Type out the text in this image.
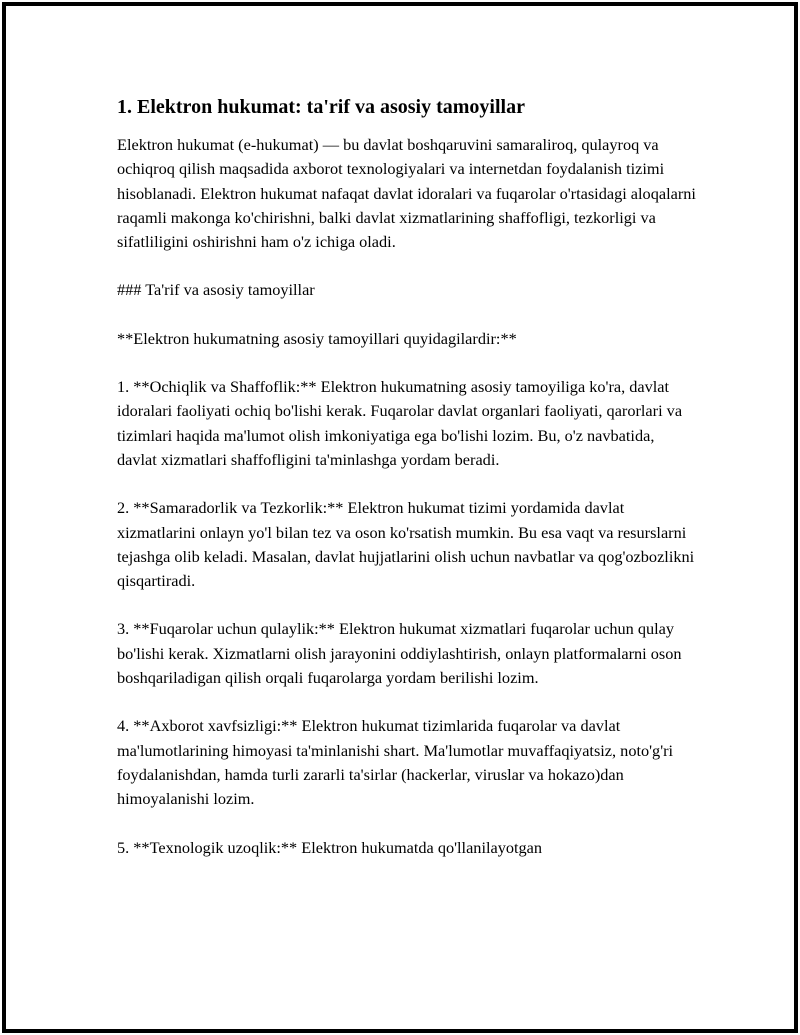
1. Elektron hukumat: ta'rif va asosiy tamoyillar

Elektron hukumat (e-hukumat) — bu davlat boshqaruvini samaraliroq, qulayroq va ochiqroq qilish maqsadida axborot texnologiyalari va internetdan foydalanish tizimi hisoblanadi. Elektron hukumat nafaqat davlat idoralari va fuqarolar o'rtasidagi aloqalarni raqamli makonga ko'chirishni, balki davlat xizmatlarining shaffofligi, tezkorligi va sifatliligini oshirishni ham o'z ichiga oladi.

### Ta'rif va asosiy tamoyillar

**Elektron hukumatning asosiy tamoyillari quyidagilardir:**

1. **Ochiqlik va Shaffoflik:** Elektron hukumatning asosiy tamoyiliga ko'ra, davlat idoralari faoliyati ochiq bo'lishi kerak. Fuqarolar davlat organlari faoliyati, qarorlari va tizimlari haqida ma'lumot olish imkoniyatiga ega bo'lishi lozim. Bu, o'z navbatida, davlat xizmatlari shaffofligini ta'minlashga yordam beradi.

2. **Samaradorlik va Tezkorlik:** Elektron hukumat tizimi yordamida davlat xizmatlarini onlayn yo'l bilan tez va oson ko'rsatish mumkin. Bu esa vaqt va resurslarni tejashga olib keladi. Masalan, davlat hujjatlarini olish uchun navbatlar va qog'ozbozlikni qisqartiradi.

3. **Fuqarolar uchun qulaylik:** Elektron hukumat xizmatlari fuqarolar uchun qulay bo'lishi kerak. Xizmatlarni olish jarayonini oddiylashtirish, onlayn platformalarni oson boshqariladigan qilish orqali fuqarolarga yordam berilishi lozim.

4. **Axborot xavfsizligi:** Elektron hukumat tizimlarida fuqarolar va davlat ma'lumotlarining himoyasi ta'minlanishi shart. Ma'lumotlar muvaffaqiyatsiz, noto'g'ri foydalanishdan, hamda turli zararli ta'sirlar (hackerlar, viruslar va hokazo)dan himoyalanishi lozim.

5. **Texnologik uzoqlik:** Elektron hukumatda qo'llanilayotgan
